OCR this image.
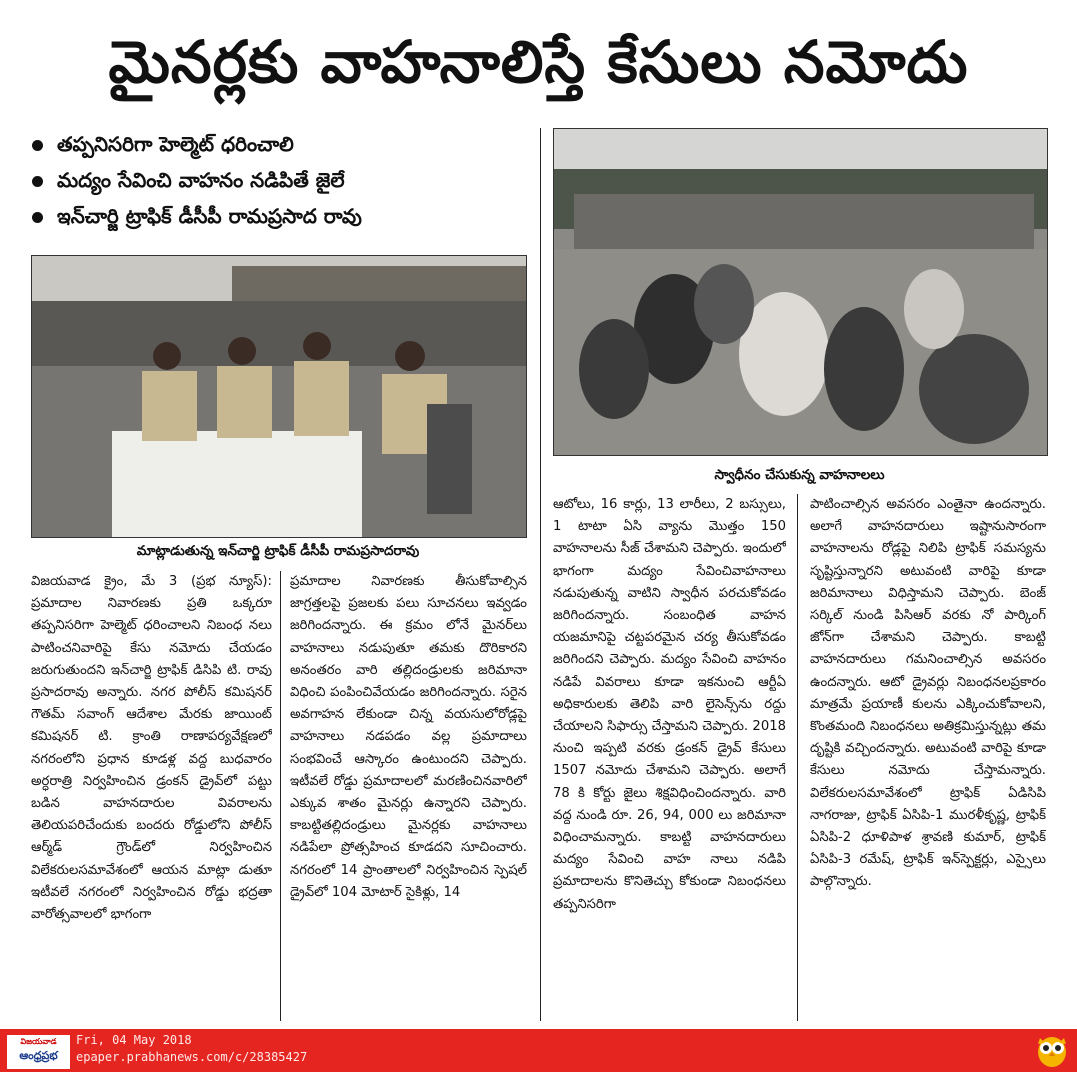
మైనర్లకు వాహనాలిస్తే కేసులు నమోదు
తప్పనిసరిగా హెల్మెట్ ధరించాలి
మద్యం సేవించి వాహనం నడిపితే జైలే
ఇన్‌చార్జి ట్రాఫిక్ డీసీపీ రామప్రసాద రావు
మాట్లాడుతున్న ఇన్‌చార్జి ట్రాఫిక్ డీసీపీ రామప్రసాదరావు
స్వాధీనం చేసుకున్న వాహనాలలు
విజయవాడ క్రైం, మే 3 (ప్రభ న్యూస్): ప్రమాదాల నివారణకు ప్రతి ఒక్కరూ తప్పనిసరిగా హెల్మెట్ ధరించాలని నిబంధ నలు పాటించనివారిపై కేసు నమోదు చేయడం జరుగుతుందని ఇన్‌చార్జి ట్రాఫిక్ డిసిపి టి. రావు ప్రసాదరావు అన్నారు. నగర పోలీస్ కమిషనర్ గౌతమ్ సవాంగ్ ఆదేశాల మేరకు జాయింట్ కమిషనర్ టి. క్రాంతి రాణాపర్యవేక్షణలో నగరంలోని ప్రధాన కూడళ్ల వద్ద బుధవారం అర్ధరాత్రి నిర్వహించిన డ్రంకన్ డ్రైవ్‌లో పట్టు బడిన వాహనదారుల వివరాలను తెలియపరిచేందుకు బందరు రోడ్డులోని పోలీస్ ఆర్మ్‌డ్ గ్రౌండ్‌లో నిర్వహించిన విలేకరులసమావేశంలో ఆయన మాట్లా డుతూ ఇటీవలే నగరంలో నిర్వహించిన రోడ్డు భద్రతా వారోత్సవాలలో భాగంగా
ప్రమాదాల నివారణకు తీసుకోవాల్సిన జాగ్రత్తలపై ప్రజలకు పలు సూచనలు ఇవ్వడం జరిగిందన్నారు. ఈ క్రమం లోనే మైనర్‌లు వాహనాలు నడుపుతూ తమకు దొరికారని అనంతరం వారి తల్లిదండ్రులకు జరిమానా విధించి పంపించివేయడం జరిగిందన్నారు. సరైన అవగాహన లేకుండా చిన్న వయసులోరోడ్లపై వాహనాలు నడపడం వల్ల ప్రమాదాలు సంభవించే ఆస్కారం ఉంటుందని చెప్పారు. ఇటీవలే రోడ్డు ప్రమాదాలలో మరణించినవారిలో ఎక్కువ శాతం మైనర్లు ఉన్నారని చెప్పారు. కాబట్టితల్లిదండ్రులు మైనర్లకు వాహనాలు నడిపేలా ప్రోత్సహించ కూడదని సూచించారు. నగరంలో 14 ప్రాంతాలలో నిర్వహించిన స్పెషల్ డ్రైవ్‌లో 104 మోటార్ సైకిళ్లు, 14
ఆటోలు, 16 కార్లు, 13 లారీలు, 2 బస్సులు, 1 టాటా ఏసి వ్యాను మొత్తం 150 వాహనాలను సీజ్ చేశామని చెప్పారు. ఇందులో భాగంగా మద్యం సేవించివాహనాలు నడుపుతున్న వాటిని స్వాధీన పరచుకోవడం జరిగిందన్నారు. సంబంధిత వాహన యజమానిపై చట్టపరమైన చర్య తీసుకోవడం జరిగిందని చెప్పారు. మద్యం సేవించి వాహనం నడిపే వివరాలు కూడా ఇకనుంచి ఆర్టీఏ అధికారులకు తెలిపి వారి లైసెన్స్‌ను రద్దు చేయాలని సిఫార్సు చేస్తామని చెప్పారు. 2018 నుంచి ఇప్పటి వరకు డ్రంకన్ డ్రైవ్ కేసులు 1507 నమోదు చేశామని చెప్పారు. అలాగే 78 కి కోర్టు జైలు శిక్షవిధించిందన్నారు. వారి వద్ద నుండి రూ. 26, 94, 000 లు జరిమానా విధించామన్నారు. కాబట్టి వాహనదారులు మద్యం సేవించి వాహ నాలు నడిపి ప్రమాదాలను కొనితెచ్చు కోకుండా నిబంధనలు తప్పనిసరిగా
పాటించాల్సిన అవసరం ఎంతైనా ఉందన్నారు. అలాగే వాహనదారులు ఇష్టానుసారంగా వాహనాలను రోడ్లపై నిలిపి ట్రాఫిక్ సమస్యను సృష్టిస్తున్నారని అటువంటి వారిపై కూడా జరిమానాలు విధిస్తామని చెప్పారు. బెంజ్ సర్కిల్ నుండి పిసిఆర్ వరకు నో పార్కింగ్ జోన్‌గా చేశామని చెప్పారు. కాబట్టి వాహనదారులు గమనించాల్సిన అవసరం ఉందన్నారు. ఆటో డ్రైవర్లు నిబంధనలప్రకారం మాత్రమే ప్రయాణీ కులను ఎక్కించుకోవాలని, కొంతమంది నిబంధనలు అతిక్రమిస్తున్నట్లు తమ దృష్టికి వచ్చిందన్నారు. అటువంటి వారిపై కూడా కేసులు నమోదు చేస్తామన్నారు. విలేకరులసమావేశంలో ట్రాఫిక్ ఏడిసిపి నాగరాజు, ట్రాఫిక్ ఏసిపి-1 మురళీకృష్ణ, ట్రాఫిక్ ఏసిపి-2 ధూళిపాళ శ్రావణి కుమార్, ట్రాఫిక్ ఏసిపి-3 రమేష్, ట్రాఫిక్ ఇన్‌స్పెక్టర్లు, ఎస్సైలు పాల్గొన్నారు.
విజయవాడ
ఆంధ్రప్రభ
Fri, 04 May 2018
epaper.prabhanews.com/c/28385427
